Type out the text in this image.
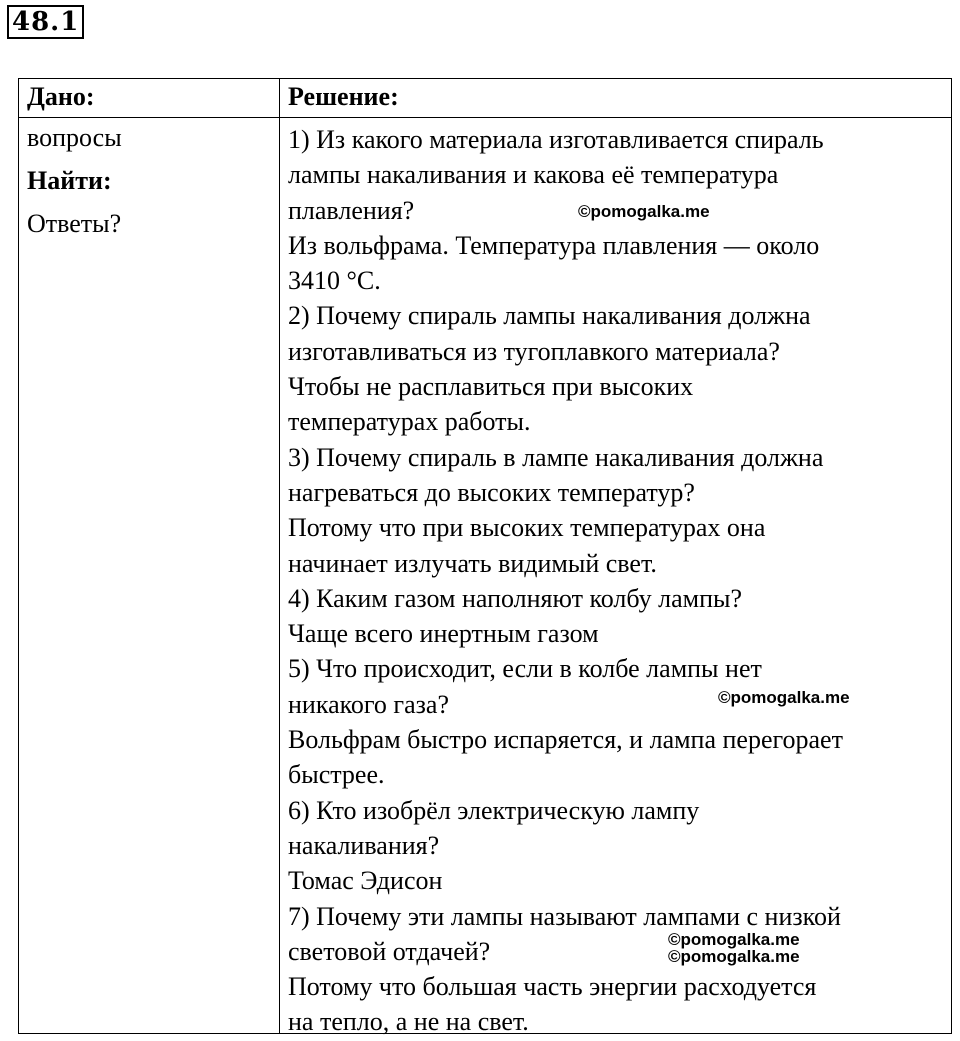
48.1
Дано:
вопросы
Найти:
Ответы?
Решение:
1) Из какого материала изготавливается спираль
лампы накаливания и какова её температура
плавления?
Из вольфрама. Температура плавления — около
3410 °С.
2) Почему спираль лампы накаливания должна
изготавливаться из тугоплавкого материала?
Чтобы не расплавиться при высоких
температурах работы.
3) Почему спираль в лампе накаливания должна
нагреваться до высоких температур?
Потому что при высоких температурах она
начинает излучать видимый свет.
4) Каким газом наполняют колбу лампы?
Чаще всего инертным газом
5) Что происходит, если в колбе лампы нет
никакого газа?
Вольфрам быстро испаряется, и лампа перегорает
быстрее.
6) Кто изобрёл электрическую лампу
накаливания?
Томас Эдисон
7) Почему эти лампы называют лампами с низкой
световой отдачей?
Потому что большая часть энергии расходуется
на тепло, а не на свет.
©pomogalka.me
©pomogalka.me
©pomogalka.me
©pomogalka.me
